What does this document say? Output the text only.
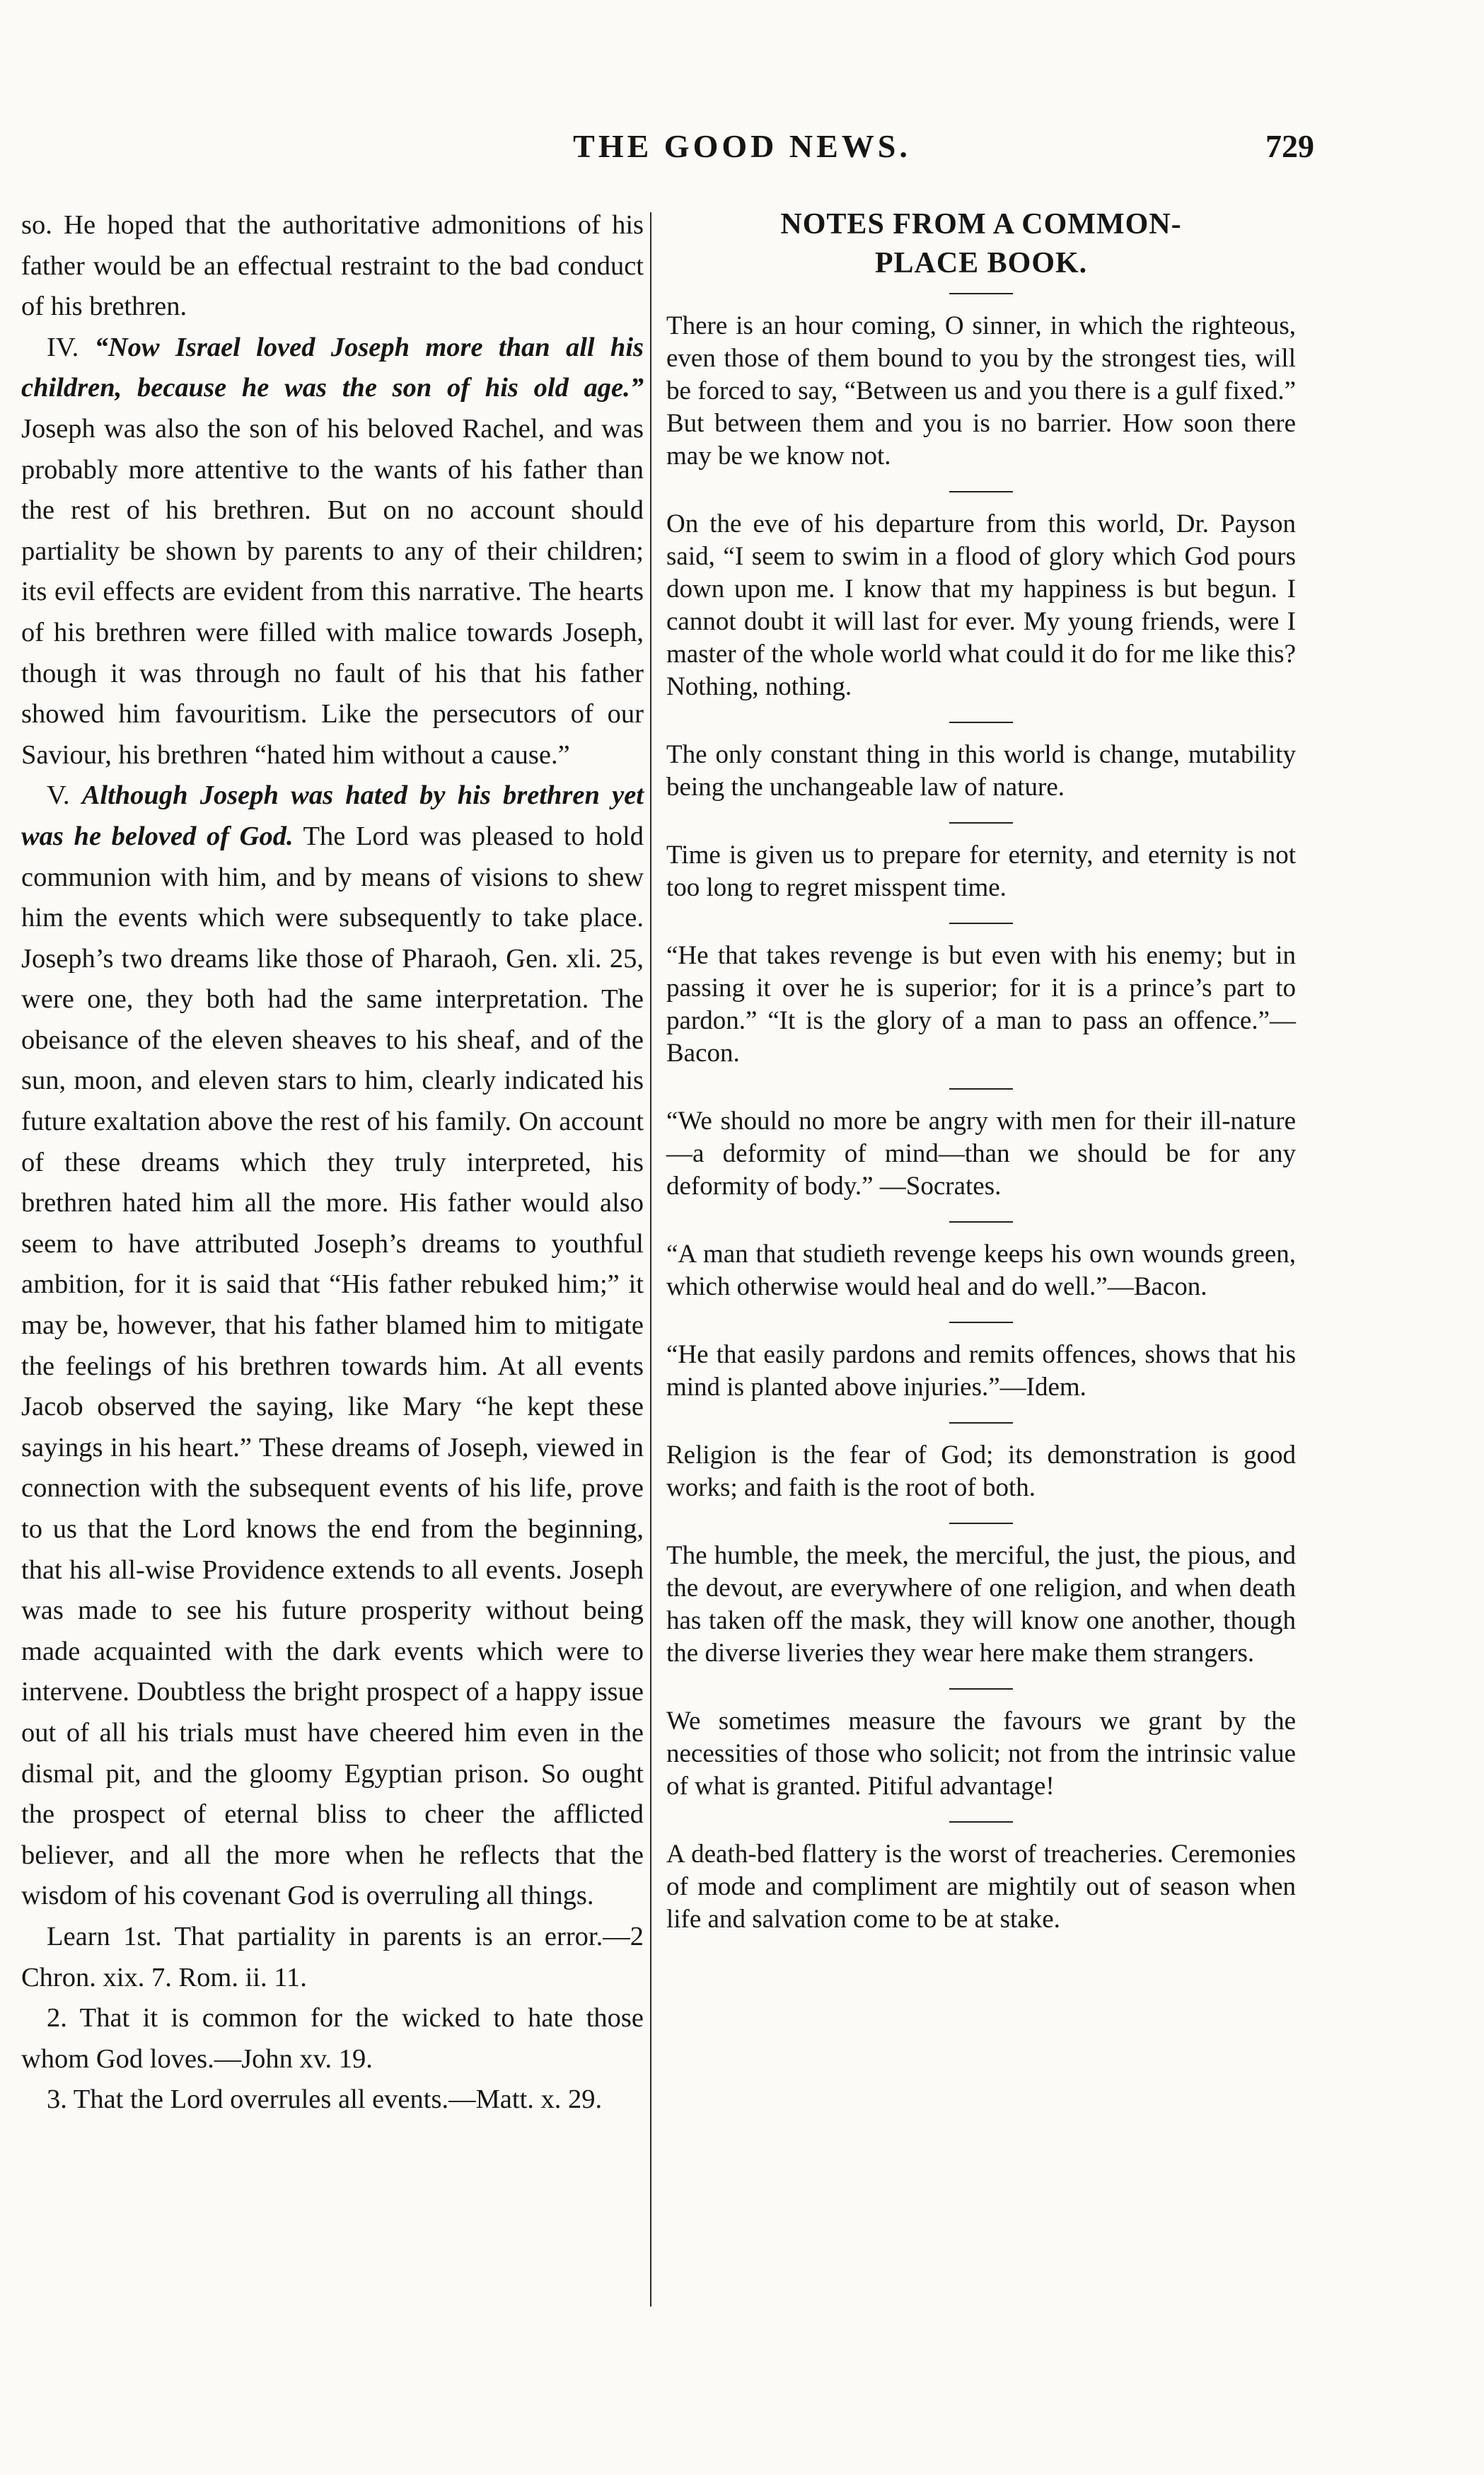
THE GOOD NEWS.	729

so. He hoped that the authoritative admonitions of his father would be an effectual restraint to the bad conduct of his brethren.

IV. “Now Israel loved Joseph more than all his children, because he was the son of his old age.” Joseph was also the son of his beloved Rachel, and was probably more attentive to the wants of his father than the rest of his brethren. But on no account should partiality be shown by parents to any of their children; its evil effects are evident from this narrative. The hearts of his brethren were filled with malice towards Joseph, though it was through no fault of his that his father showed him favouritism. Like the persecutors of our Saviour, his brethren “hated him without a cause.”

V. Although Joseph was hated by his brethren yet was he beloved of God. The Lord was pleased to hold communion with him, and by means of visions to shew him the events which were subsequently to take place. Joseph’s two dreams like those of Pharaoh, Gen. xli. 25, were one, they both had the same interpretation. The obeisance of the eleven sheaves to his sheaf, and of the sun, moon, and eleven stars to him, clearly indicated his future exaltation above the rest of his family. On account of these dreams which they truly interpreted, his brethren hated him all the more. His father would also seem to have attributed Joseph’s dreams to youthful ambition, for it is said that “His father rebuked him;” it may be, however, that his father blamed him to mitigate the feelings of his brethren towards him. At all events Jacob observed the saying, like Mary “he kept these sayings in his heart.” These dreams of Joseph, viewed in connection with the subsequent events of his life, prove to us that the Lord knows the end from the beginning, that his all-wise Providence extends to all events. Joseph was made to see his future prosperity without being made acquainted with the dark events which were to intervene. Doubtless the bright prospect of a happy issue out of all his trials must have cheered him even in the dismal pit, and the gloomy Egyptian prison. So ought the prospect of eternal bliss to cheer the afflicted believer, and all the more when he reflects that the wisdom of his covenant God is overruling all things.

Learn 1st. That partiality in parents is an error.—2 Chron. xix. 7. Rom. ii. 11.

2. That it is common for the wicked to hate those whom God loves.—John xv. 19.

3. That the Lord overrules all events.—Matt. x. 29.

NOTES FROM A COMMON-
PLACE BOOK.

There is an hour coming, O sinner, in which the righteous, even those of them bound to you by the strongest ties, will be forced to say, “Between us and you there is a gulf fixed.” But between them and you is no barrier. How soon there may be we know not.

On the eve of his departure from this world, Dr. Payson said, “I seem to swim in a flood of glory which God pours down upon me. I know that my happiness is but begun. I cannot doubt it will last for ever. My young friends, were I master of the whole world what could it do for me like this? Nothing, nothing.

The only constant thing in this world is change, mutability being the unchangeable law of nature.

Time is given us to prepare for eternity, and eternity is not too long to regret misspent time.

“He that takes revenge is but even with his enemy; but in passing it over he is superior; for it is a prince’s part to pardon.” “It is the glory of a man to pass an offence.”—Bacon.

“We should no more be angry with men for their ill-nature—a deformity of mind—than we should be for any deformity of body.” —Socrates.

“A man that studieth revenge keeps his own wounds green, which otherwise would heal and do well.”—Bacon.

“He that easily pardons and remits offences, shows that his mind is planted above injuries.”—Idem.

Religion is the fear of God; its demonstration is good works; and faith is the root of both.

The humble, the meek, the merciful, the just, the pious, and the devout, are everywhere of one religion, and when death has taken off the mask, they will know one another, though the diverse liveries they wear here make them strangers.

We sometimes measure the favours we grant by the necessities of those who solicit; not from the intrinsic value of what is granted. Pitiful advantage!

A death-bed flattery is the worst of treacheries. Ceremonies of mode and compliment are mightily out of season when life and salvation come to be at stake.
